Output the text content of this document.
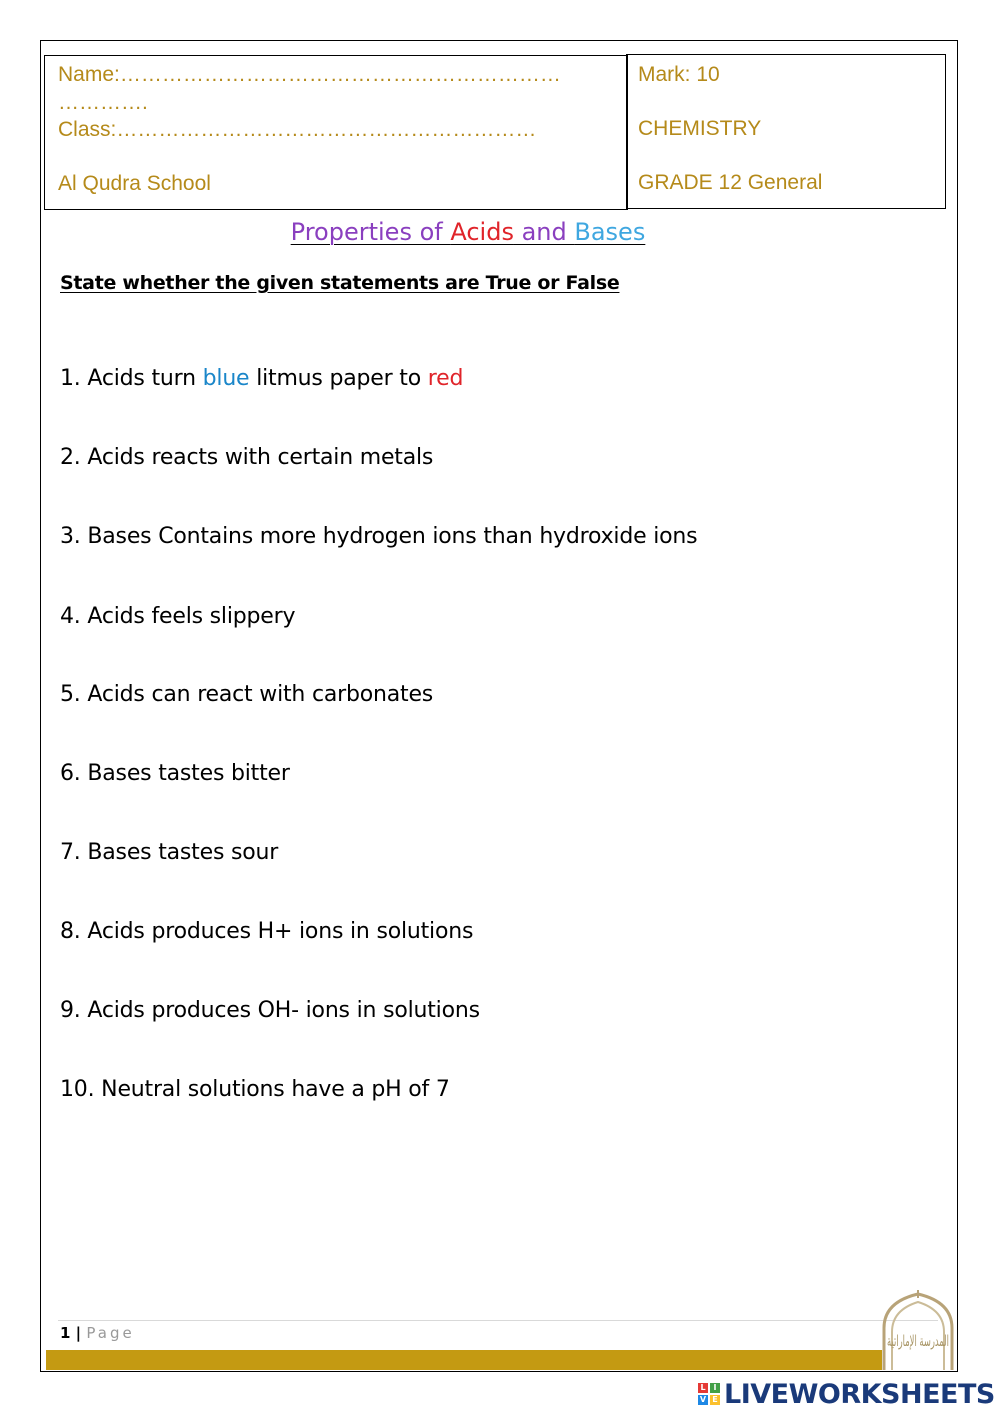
Name:………………………………………………………
………….
Class:……………………………………………………
Al Qudra School
Mark: 10
CHEMISTRY
GRADE 12 General
Properties of Acids and Bases
State whether the given statements are True or False
1. Acids turn blue litmus paper to red
2. Acids reacts with certain metals
3. Bases Contains more hydrogen ions than hydroxide ions
4. Acids feels slippery
5. Acids can react with carbonates
6. Bases tastes bitter
7. Bases tastes sour
8. Acids produces H+ ions in solutions
9. Acids produces OH- ions in solutions
10. Neutral solutions have a pH of 7
1 | Page	المدرسة الإماراتية
L I
V E LIVEWORKSHEETS
